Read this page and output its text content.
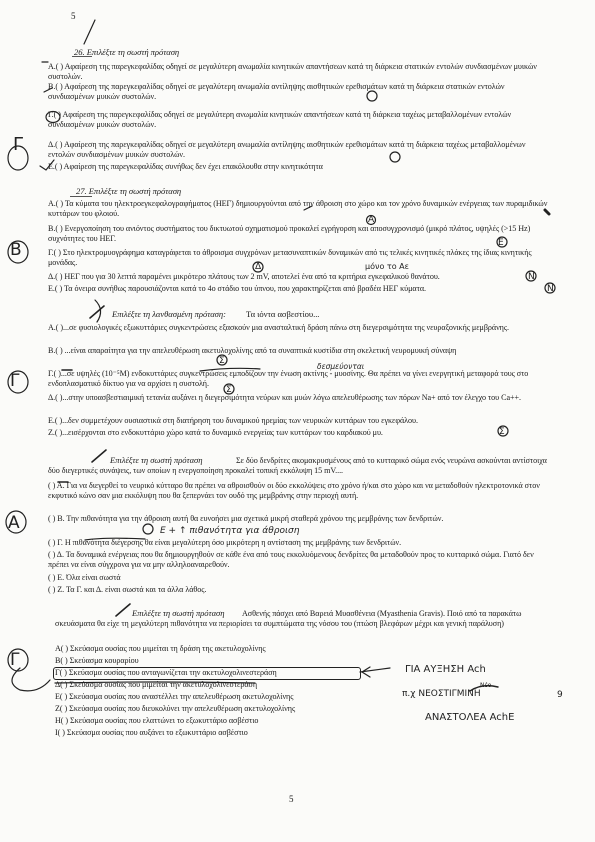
5
26. Επιλέξτε τη σωστή πρόταση
Α.( ) Αφαίρεση της παρεγκεφαλίδας οδηγεί σε μεγαλύτερη ανωμαλία κινητικών απαντήσεων κατά τη διάρκεια στατικών εντολών συνδιασμένων μυικών συστολών.
Β.( ) Αφαίρεση της παρεγκεφαλίδας οδηγεί σε μεγαλύτερη ανωμαλία αντίληψης αισθητικών ερεθισμάτων κατά τη διάρκεια στατικών εντολών συνδιασμένων μυικών συστολών.
Γ.( ) Αφαίρεση της παρεγκεφαλίδας οδηγεί σε μεγαλύτερη ανωμαλία κινητικών απαντήσεων κατά τη διάρκεια ταχέως μεταβαλλομένων εντολών συνδιασμένων μυικών συστολών.
Δ.( ) Αφαίρεση της παρεγκεφαλίδας οδηγεί σε μεγαλύτερη ανωμαλία αντίληψης αισθητικών ερεθισμάτων κατά τη διάρκεια ταχέως μεταβαλλομένων εντολών συνδιασμένων μυικών συστολών.
Ε.( ) Αφαίρεση της παρεγκεφαλίδας συνήθως δεν έχει επακόλουθα στην κινητικότητα
Γ
27. Επιλέξτε τη σωστή πρόταση
Α.( ) Τα κύματα του ηλεκτροεγκεφαλογραφήματος (ΗΕΓ) δημιουργούνται από την άθροιση στο χώρο και τον χρόνο δυναμικών ενέργειας των πυραμιδικών κυττάρων του φλοιού.
Β.( ) Ενεργοποίηση του ανιόντος συστήματος του δικτυωτού σχηματισμού προκαλεί εγρήγορση και αποσυγχρονισμό (μικρό πλάτος, υψηλές (>15 Hz) συχνότητες του ΗΕΓ.
Γ.( ) Στο ηλεκτρομυογράφημα καταγράφεται το άθροισμα συγχρόνων μετασυναπτικών δυναμικών από τις τελικές κινητικές πλάκες της ίδιας κινητικής μονάδας.
Δ.( ) ΗΕΓ που για 30 λεπτά παραμένει μικρότερο πλάτους των 2 mV, αποτελεί ένα από τα κριτήρια εγκεφαλικού θανάτου.
Ε.( ) Τα όνειρα συνήθως παρουσιάζονται κατά το 4ο στάδιο του ύπνου, που χαρακτηρίζεται από βραδέα ΗΕΓ κύματα.
Β
μόνο το Αε
Α
Ε
Δ
Ν
Ν
Επιλέξτε τη λανθασμένη πρόταση: Τα ιόντα ασβεστίου...
Α.( )...σε φυσιολογικές εξωκυττάριες συγκεντρώσεις εξασκούν μια ανασταλτική δράση πάνω στη διεγερσιμότητα της νευραξονικής μεμβράνης.
Β.( ) ...είναι απαραίτητα για την απελευθέρωση ακετυλοχολίνης από τα συναπτικά κυστίδια στη σκελετική νευρομυική σύναψη
Γ.( )...σε υψηλές (10⁻⁵M) ενδοκυττάριες συγκεντρώσεις εμποδίζουν την ένωση ακτίνης - μυοσίνης. Θα πρέπει να γίνει ενεργητική μεταφορά τους στο ενδοπλασματικό δίκτυο για να αρχίσει η συστολή.
Δ.( )...στην υποασβεστιαιμική τετανία αυξάνει η διεγερσιμότητα νεύρων και μυών λόγω απελευθέρωσης των πόρων Na+ από τον έλεγχο του Ca++.
Ε.( )...δεν συμμετέχουν ουσιαστικά στη διατήρηση του δυναμικού ηρεμίας των νευρικών κυττάρων του εγκεφάλου.
Ζ.( )...εισέρχονται στο ενδοκυττάριο χώρο κατά το δυναμικό ενεργείας των κυττάρων του καρδιακού μυ.
Γ
δεσμεύονται
Σ
Σ
Σ
Επιλέξτε τη σωστή πρόταση	Σε δύο δενδρίτες ακομακρυσμένους από το κυτταρικό σώμα ενός νευρώνα ασκούνται αντίστοιχα δύο διεγερτικές συνάψεις, των οποίων η ενεργοποίηση προκαλεί τοπική εκκόλυψη 15 mV....
( ) Α. Για να διεγερθεί το νευρικό κύτταρο θα πρέπει να αθροισθούν οι δύο εκκολύψεις στο χρόνο ή/και στο χώρο και να μεταδοθούν ηλεκτροτονικά στον εκφυτικό κώνο σαν μια εκκόλυψη που θα ξεπερνάει τον ουδό της μεμβράνης στην περιοχή αυτή.
( ) Β. Την πιθανότητα για την άθροιση αυτή θα ευνοήσει μια σχετικά μικρή σταθερά χρόνου της μεμβράνης των δενδριτών.
( ) Γ. Η πιθανότητα διέγερσης θα είναι μεγαλύτερη όσο μικρότερη η αντίσταση της μεμβράνης των δενδριτών.
( ) Δ. Τα δυναμικά ενέργειας που θα δημιουργηθούν σε κάθε ένα από τους εκκολυόμενους δενδρίτες θα μεταδοθούν προς το κυτταρικό σώμα. Γιατό δεν πρέπει να είναι σύγχρονα για να μην αλληλοαναιρεθούν.
( ) Ε. Όλα είναι σωστά
( ) Ζ. Τα Γ. και Δ. είναι σωστά και τα άλλα λάθος.
Α	Ε + ↑ πιθανότητα για άθροιση
Επιλέξτε τη σωστή πρόταση	Ασθενής πάσχει από Βαρειά Μυασθένεια (Myasthenia Gravis). Ποιό από τα παρακάτω σκευάσματα θα είχε τη μεγαλύτερη πιθανότητα να περιορίσει τα συμπτώματα της νόσου του (πτώση βλεφάρων μέχρι και γενική παράλυση)
Α( ) Σκεύασμα ουσίας που μιμείται τη δράση της ακετυλοχολίνης
Β( ) Σκεύασμα κουραρίου
Γ( ) Σκεύασμα ουσίας που ανταγωνίζεται την ακετυλοχολινεστεράση
Δ( ) Σκεύασμα ουσίας που μιμείται την ακετυλοχολινεστεράση
Ε( ) Σκεύασμα ουσίας που αναστέλλει την απελευθέρωση ακετυλοχολίνης
Ζ( ) Σκεύασμα ουσίας που διευκολύνει την απελευθέρωση ακετυλοχολίνης
Η( ) Σκεύασμα ουσίας που ελαττώνει το εξωκυττάριο ασβέστιο
Ι( ) Σκεύασμα ουσίας που αυξάνει το εξωκυττάριο ασβέστιο
Γ	ΓΙΑ ΑΥΞΗΣΗ Ach
Νέο
π.χ ΝΕΟΣΤΙΓΜΙΝΗ	9
ΑΝΑΣΤΟΛΕΑ AchE
5
